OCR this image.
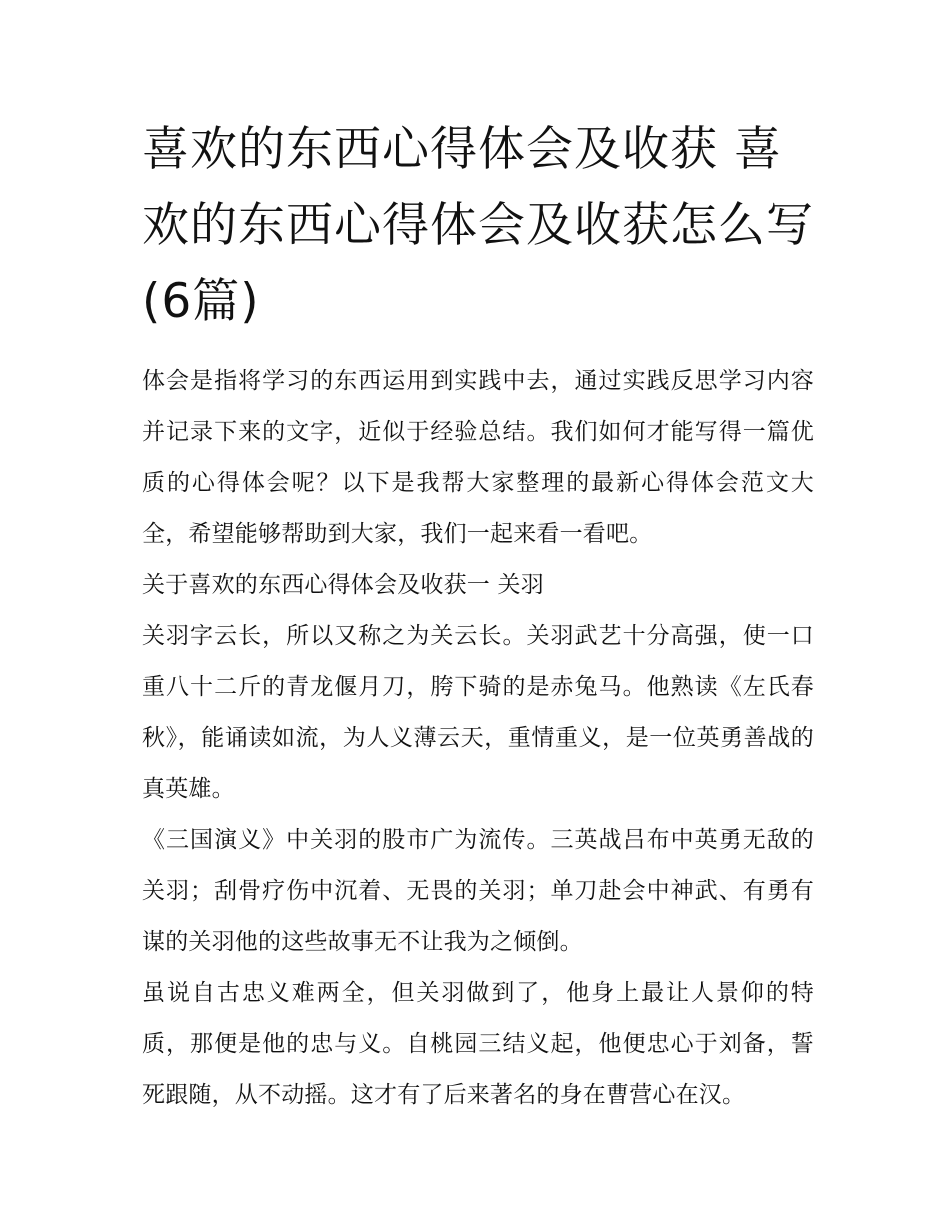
喜欢的东西心得体会及收获 喜欢的东西心得体会及收获怎么写(6篇)

体会是指将学习的东西运用到实践中去，通过实践反思学习内容并记录下来的文字，近似于经验总结。我们如何才能写得一篇优质的心得体会呢？以下是我帮大家整理的最新心得体会范文大全，希望能够帮助到大家，我们一起来看一看吧。

关于喜欢的东西心得体会及收获一 关羽

关羽字云长，所以又称之为关云长。关羽武艺十分高强，使一口重八十二斤的青龙偃月刀，胯下骑的是赤兔马。他熟读《左氏春秋》，能诵读如流，为人义薄云天，重情重义，是一位英勇善战的真英雄。

《三国演义》中关羽的股市广为流传。三英战吕布中英勇无敌的关羽；刮骨疗伤中沉着、无畏的关羽；单刀赴会中神武、有勇有谋的关羽他的这些故事无不让我为之倾倒。

虽说自古忠义难两全，但关羽做到了，他身上最让人景仰的特质，那便是他的忠与义。自桃园三结义起，他便忠心于刘备，誓死跟随，从不动摇。这才有了后来著名的身在曹营心在汉。
